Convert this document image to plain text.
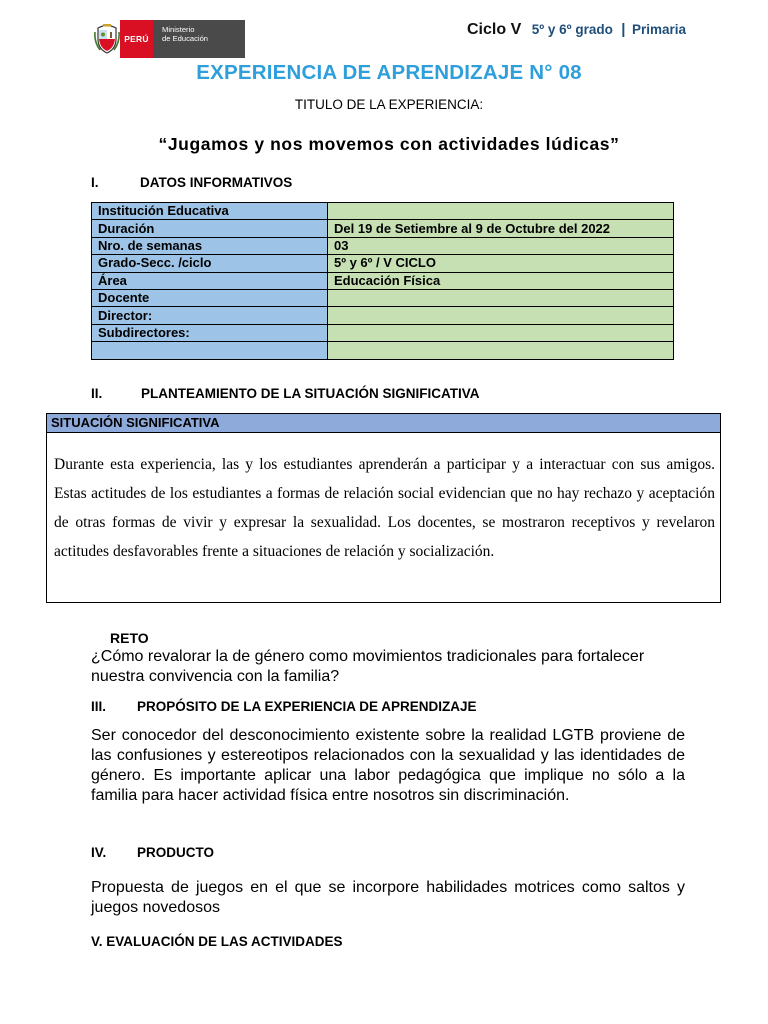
PERÚ
Ministerio
de Educación
Ciclo V 5º y 6º grado | Primaria
EXPERIENCIA DE APRENDIZAJE N° 08
TITULO DE LA EXPERIENCIA:
“Jugamos y nos movemos con actividades lúdicas”
I.	DATOS INFORMATIVOS
Institución Educativa	
Duración	Del 19 de Setiembre al 9 de Octubre del 2022
Nro. de semanas	03
Grado-Secc. /ciclo	5º y 6º / V CICLO
Área	Educación Física
Docente	
Director:	
Subdirectores:	

II.	PLANTEAMIENTO DE LA SITUACIÓN SIGNIFICATIVA
SITUACIÓN SIGNIFICATIVA

Durante esta experiencia, las y los estudiantes aprenderán a participar y a interactuar con sus amigos. Estas actitudes de los estudiantes a formas de relación social evidencian que no hay rechazo y aceptación de otras formas de vivir y expresar la sexualidad. Los docentes, se mostraron receptivos y revelaron actitudes desfavorables frente a situaciones de relación y socialización.

RETO

¿Cómo revalorar la de género como movimientos tradicionales para fortalecer nuestra convivencia con la familia?

III. PROPÓSITO DE LA EXPERIENCIA DE APRENDIZAJE

Ser conocedor del desconocimiento existente sobre la realidad LGTB proviene de las confusiones y estereotipos relacionados con la sexualidad y las identidades de género. Es importante aplicar una labor pedagógica que implique no sólo a la familia para hacer actividad física entre nosotros sin discriminación.

IV. PRODUCTO

Propuesta de juegos en el que se incorpore habilidades motrices como saltos y juegos novedosos

V. EVALUACIÓN DE LAS ACTIVIDADES
